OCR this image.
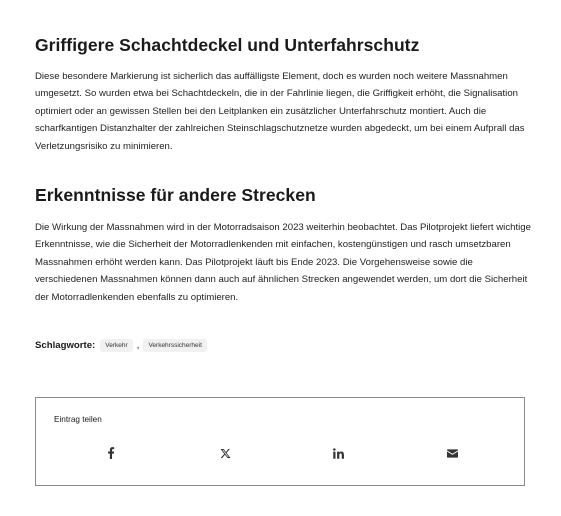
Griffigere Schachtdeckel und Unterfahrschutz

Diese besondere Markierung ist sicherlich das auffälligste Element, doch es wurden noch weitere Massnahmen umgesetzt. So wurden etwa bei Schachtdeckeln, die in der Fahrlinie liegen, die Griffigkeit erhöht, die Signalisation optimiert oder an gewissen Stellen bei den Leitplanken ein zusätzlicher Unterfahrschutz montiert. Auch die scharfkantigen Distanzhalter der zahlreichen Steinschlagschutznetze wurden abgedeckt, um bei einem Aufprall das Verletzungsrisiko zu minimieren.

Erkenntnisse für andere Strecken

Die Wirkung der Massnahmen wird in der Motorradsaison 2023 weiterhin beobachtet. Das Pilotprojekt liefert wichtige Erkenntnisse, wie die Sicherheit der Motorradlenkenden mit einfachen, kostengünstigen und rasch umsetzbaren Massnahmen erhöht werden kann. Das Pilotprojekt läuft bis Ende 2023. Die Vorgehensweise sowie die verschiedenen Massnahmen können dann auch auf ähnlichen Strecken angewendet werden, um dort die Sicherheit der Motorradlenkenden ebenfalls zu optimieren.

Schlagworte:	Verkehr ,	Verkehrssicherheit
Eintrag teilen
